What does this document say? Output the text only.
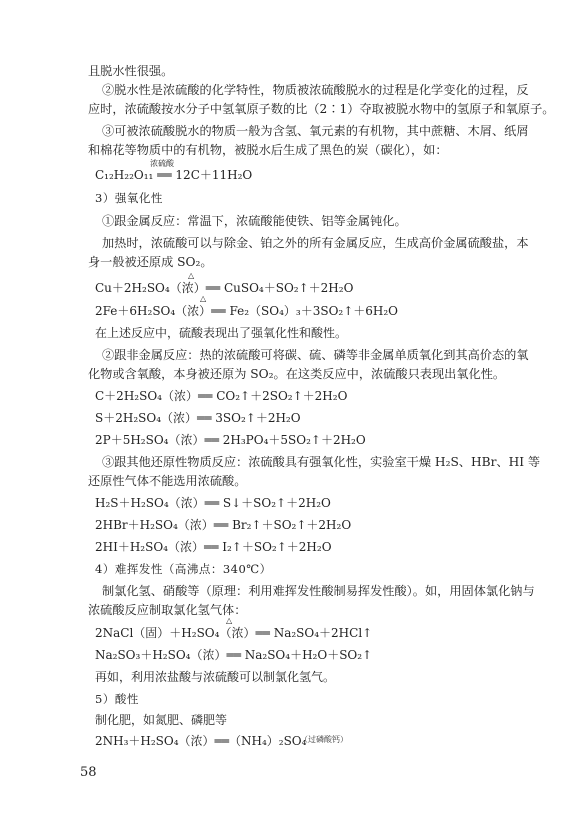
且脱水性很强。
②脱水性是浓硫酸的化学特性，物质被浓硫酸脱水的过程是化学变化的过程，反
应时，浓硫酸按水分子中氢氧原子数的比（2∶1）夺取被脱水物中的氢原子和氧原子。
③可被浓硫酸脱水的物质一般为含氢、氧元素的有机物，其中蔗糖、木屑、纸屑
和棉花等物质中的有机物，被脱水后生成了黑色的炭（碳化），如：
浓硫酸
C₁₂H₂₂O₁₁ ══ 12C＋11H₂O
3）强氧化性
①跟金属反应：常温下，浓硫酸能使铁、铝等金属钝化。
加热时，浓硫酸可以与除金、铂之外的所有金属反应，生成高价金属硫酸盐，本
身一般被还原成 SO₂。
△
Cu＋2H₂SO₄（浓）══ CuSO₄＋SO₂↑＋2H₂O
△
2Fe＋6H₂SO₄（浓）══ Fe₂（SO₄）₃＋3SO₂↑＋6H₂O
在上述反应中，硫酸表现出了强氧化性和酸性。
②跟非金属反应：热的浓硫酸可将碳、硫、磷等非金属单质氧化到其高价态的氧
化物或含氧酸，本身被还原为 SO₂。在这类反应中，浓硫酸只表现出氧化性。
C＋2H₂SO₄（浓）══ CO₂↑＋2SO₂↑＋2H₂O
S＋2H₂SO₄（浓）══ 3SO₂↑＋2H₂O
2P＋5H₂SO₄（浓）══ 2H₃PO₄＋5SO₂↑＋2H₂O
③跟其他还原性物质反应：浓硫酸具有强氧化性，实验室干燥 H₂S、HBr、HI 等
还原性气体不能选用浓硫酸。
H₂S＋H₂SO₄（浓）══ S↓＋SO₂↑＋2H₂O
2HBr＋H₂SO₄（浓）══ Br₂↑＋SO₂↑＋2H₂O
2HI＋H₂SO₄（浓）══ I₂↑＋SO₂↑＋2H₂O
4）难挥发性（高沸点：340℃）
制氯化氢、硝酸等（原理：利用难挥发性酸制易挥发性酸）。如，用固体氯化钠与
浓硫酸反应制取氯化氢气体：
△
2NaCl（固）＋H₂SO₄（浓）══ Na₂SO₄＋2HCl↑
Na₂SO₃＋H₂SO₄（浓）══ Na₂SO₄＋H₂O＋SO₂↑
再如，利用浓盐酸与浓硫酸可以制氯化氢气。
5）酸性
制化肥，如氮肥、磷肥等
2NH₃＋H₂SO₄（浓）══（NH₄）₂SO₄
（过磷酸钙）
58
